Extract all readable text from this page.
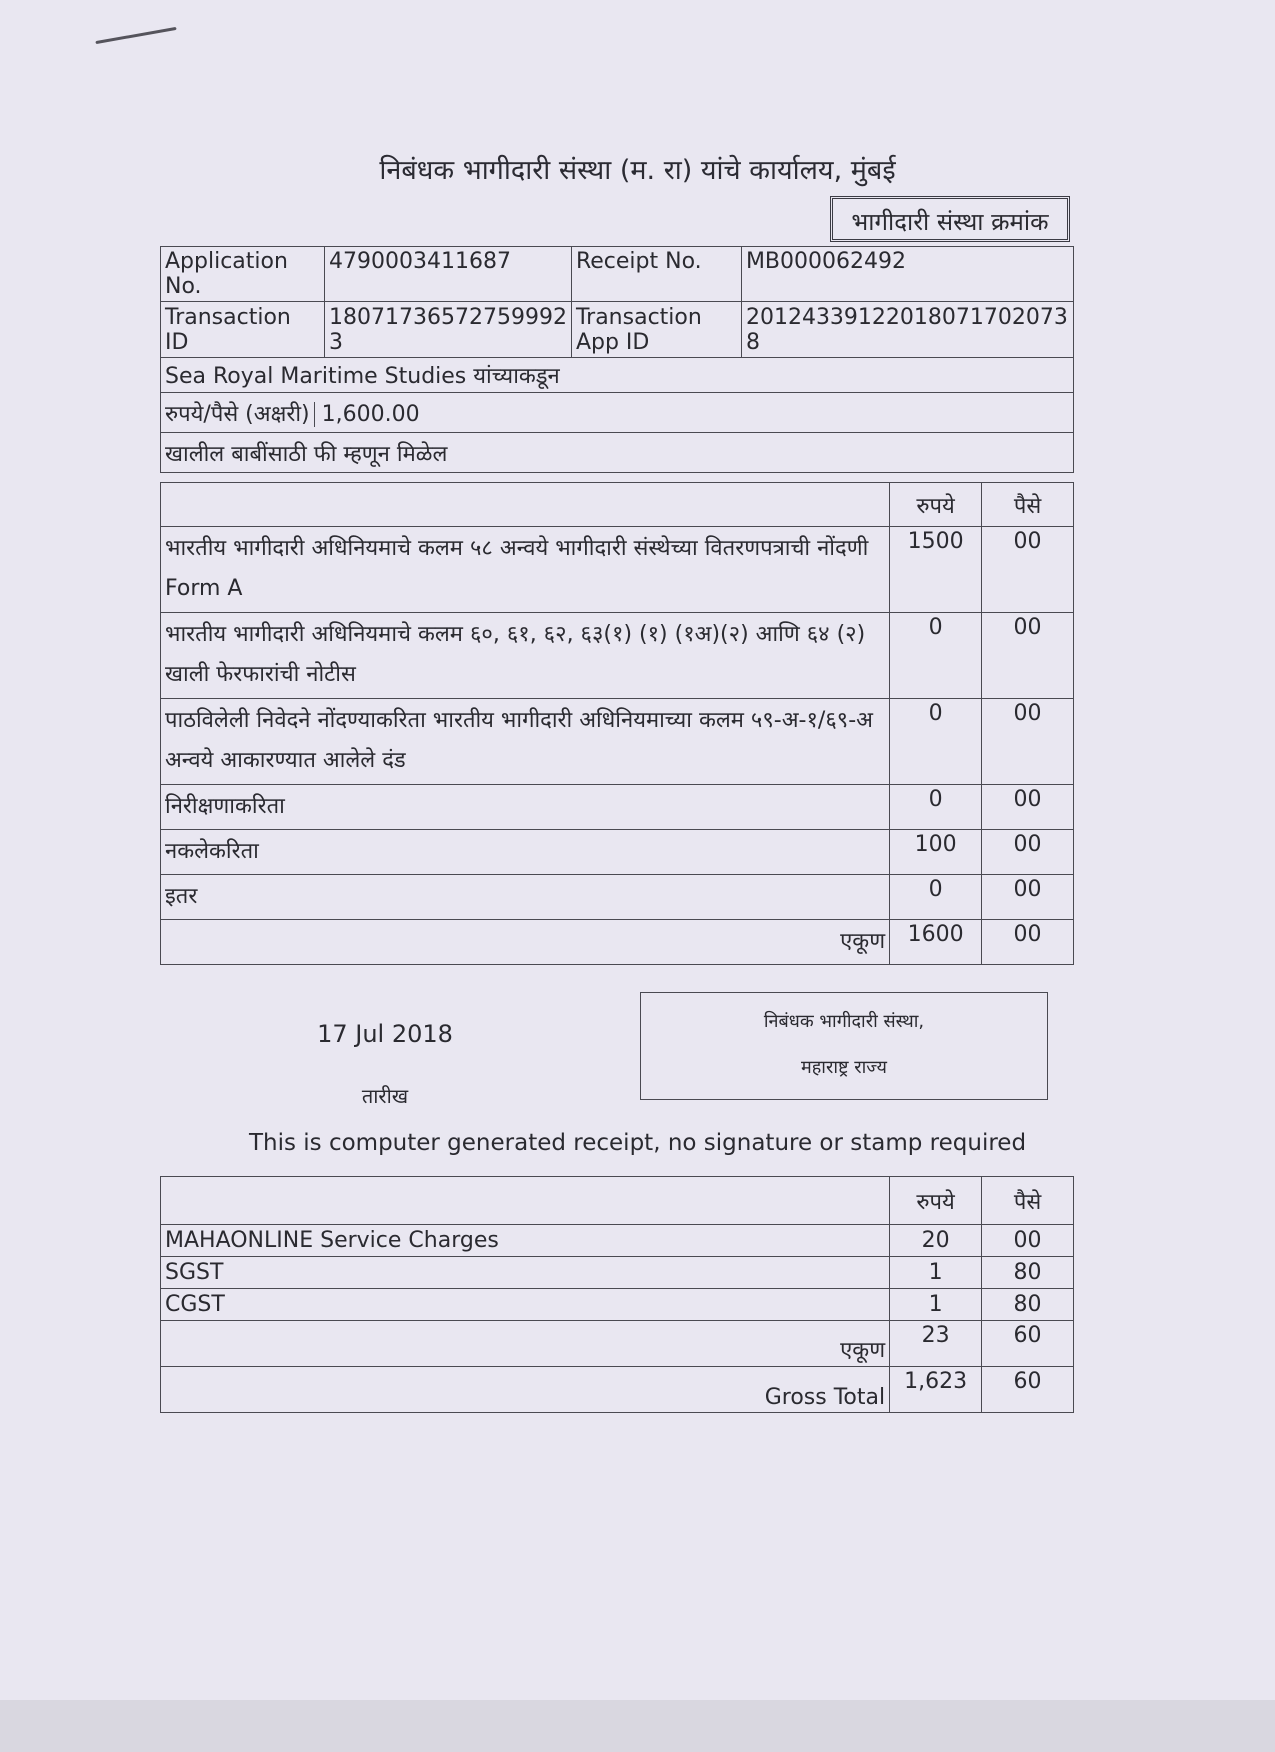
निबंधक भागीदारी संस्था (म. रा) यांचे कार्यालय, मुंबई
भागीदारी संस्था क्रमांक
Application No.	4790003411687	Receipt No.	MB000062492
Transaction ID	18071736572759992 3	Transaction App ID	20124339122018071702073 8
Sea Royal Maritime Studies यांच्याकडून			
रुपये/पैसे (अक्षरी) 1,600.00			
खालील बाबींसाठी फी म्हणून मिळेल			
	रुपये	पैसे
भारतीय भागीदारी अधिनियमाचे कलम ५८ अन्वये भागीदारी संस्थेच्या वितरणपत्राची नोंदणी Form A	1500	00
भारतीय भागीदारी अधिनियमाचे कलम ६०, ६१, ६२, ६३(१) (१) (१अ)(२) आणि ६४ (२) खाली फेरफारांची नोटीस	0	00
पाठविलेली निवेदने नोंदण्याकरिता भारतीय भागीदारी अधिनियमाच्या कलम ५९-अ-१/६९-अ अन्वये आकारण्यात आलेले दंड	0	00
निरीक्षणाकरिता	0	00
नकलेकरिता	100	00
इतर	0	00
एकूण	1600	00
17 Jul 2018
तारीख
निबंधक भागीदारी संस्था,
महाराष्ट्र राज्य
This is computer generated receipt, no signature or stamp required
	रुपये	पैसे
MAHAONLINE Service Charges	20	00
SGST	1	80
CGST	1	80
एकूण	23	60
Gross Total	1,623	60
